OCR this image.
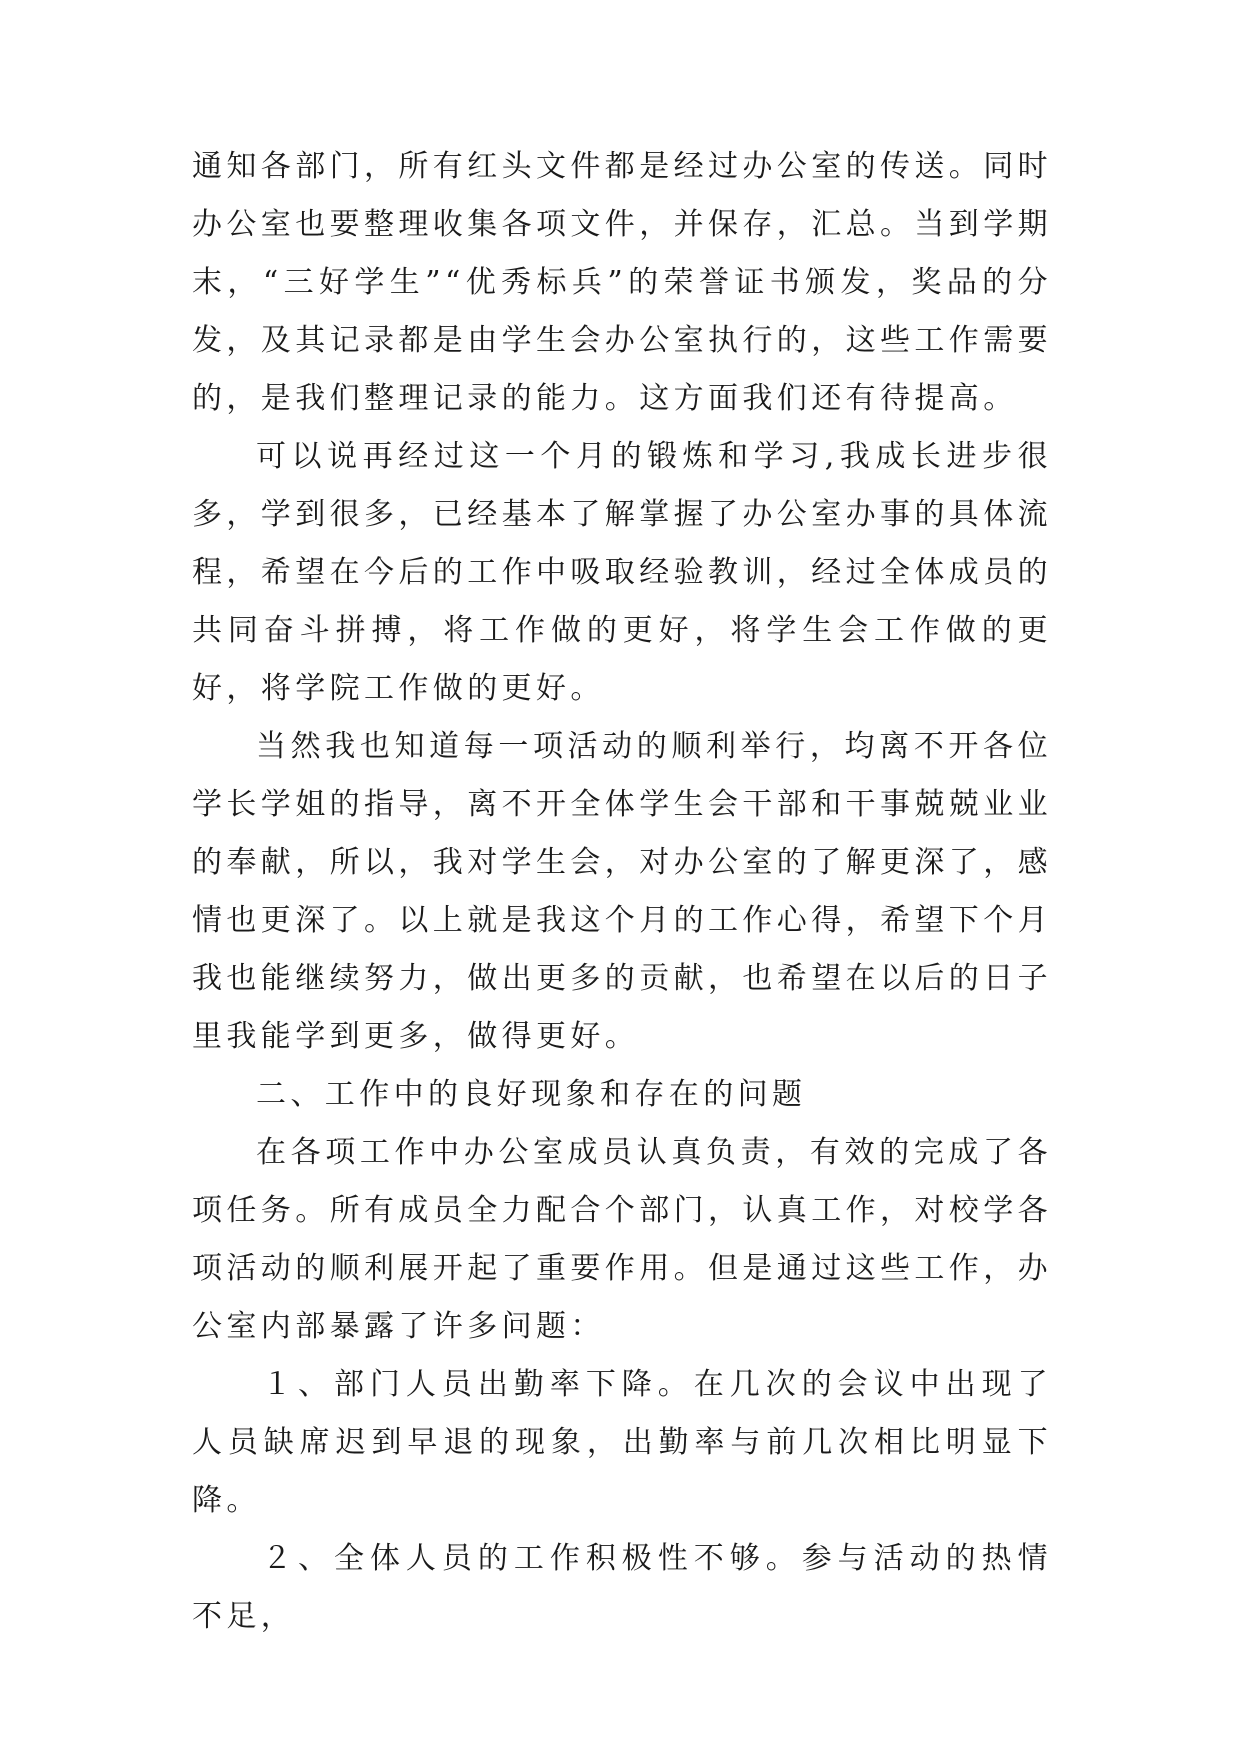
通知各部门，所有红头文件都是经过办公室的传送。同时办公室也要整理收集各项文件，并保存，汇总。当到学期末，“三好学生”“优秀标兵”的荣誉证书颁发，奖品的分发，及其记录都是由学生会办公室执行的，这些工作需要的，是我们整理记录的能力。这方面我们还有待提高。

可以说再经过这一个月的锻炼和学习,我成长进步很多，学到很多，已经基本了解掌握了办公室办事的具体流程，希望在今后的工作中吸取经验教训，经过全体成员的共同奋斗拼搏，将工作做的更好，将学生会工作做的更好，将学院工作做的更好。

当然我也知道每一项活动的顺利举行，均离不开各位学长学姐的指导，离不开全体学生会干部和干事兢兢业业的奉献，所以，我对学生会，对办公室的了解更深了，感情也更深了。以上就是我这个月的工作心得，希望下个月我也能继续努力，做出更多的贡献，也希望在以后的日子里我能学到更多，做得更好。

二、工作中的良好现象和存在的问题

在各项工作中办公室成员认真负责，有效的完成了各项任务。所有成员全力配合个部门，认真工作，对校学各项活动的顺利展开起了重要作用。但是通过这些工作，办公室内部暴露了许多问题：

１、部门人员出勤率下降。在几次的会议中出现了人员缺席迟到早退的现象，出勤率与前几次相比明显下降。

２、全体人员的工作积极性不够。参与活动的热情不足，
